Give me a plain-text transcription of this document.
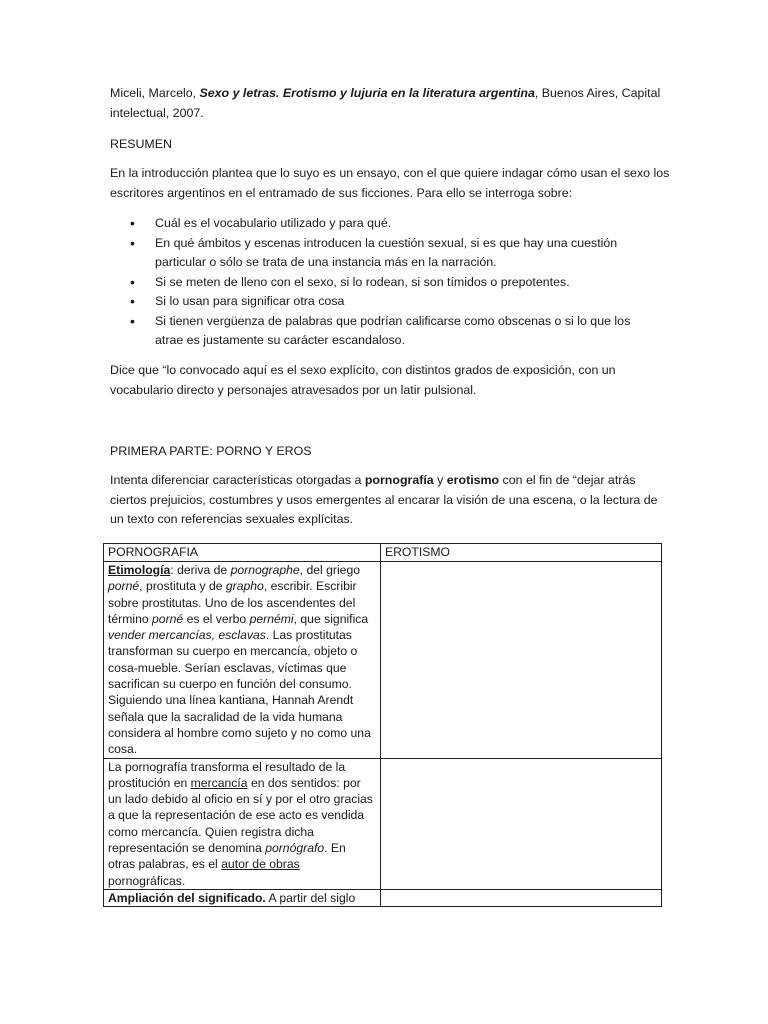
Miceli, Marcelo, Sexo y letras. Erotismo y lujuria en la literatura argentina, Buenos Aires, Capital intelectual, 2007.

RESUMEN

En la introducción plantea que lo suyo es un ensayo, con el que quiere indagar cómo usan el sexo los escritores argentinos en el entramado de sus ficciones. Para ello se interroga sobre:

• Cuál es el vocabulario utilizado y para qué.
• En qué ámbitos y escenas introducen la cuestión sexual, si es que hay una cuestión particular o sólo se trata de una instancia más en la narración.
• Si se meten de lleno con el sexo, si lo rodean, si son tímidos o prepotentes.
• Si lo usan para significar otra cosa
• Si tienen vergüenza de palabras que podrían calificarse como obscenas o si lo que los atrae es justamente su carácter escandaloso.

Dice que “lo convocado aquí es el sexo explícito, con distintos grados de exposición, con un vocabulario directo y personajes atravesados por un latir pulsional.

PRIMERA PARTE: PORNO Y EROS

Intenta diferenciar características otorgadas a pornografía y erotismo con el fin de “dejar atrás ciertos prejuicios, costumbres y usos emergentes al encarar la visión de una escena, o la lectura de un texto con referencias sexuales explícitas.

PORNOGRAFIA	EROTISMO
Etimología: deriva de pornographe, del griego porné, prostituta y de grapho, escribir. Escribir sobre prostitutas. Uno de los ascendentes del término porné es el verbo pernémi, que significa vender mercancías, esclavas. Las prostitutas transforman su cuerpo en mercancía, objeto o cosa-mueble. Serían esclavas, víctimas que sacrifican su cuerpo en función del consumo.
Siguiendo una línea kantiana, Hannah Arendt señala que la sacralidad de la vida humana considera al hombre como sujeto y no como una cosa.	
La pornografía transforma el resultado de la prostitución en mercancía en dos sentidos: por un lado debido al oficio en sí y por el otro gracias a que la representación de ese acto es vendida como mercancía. Quien registra dicha representación se denomina pornógrafo. En otras palabras, es el autor de obras pornográficas.	

Ampliación del significado. A partir del siglo	
